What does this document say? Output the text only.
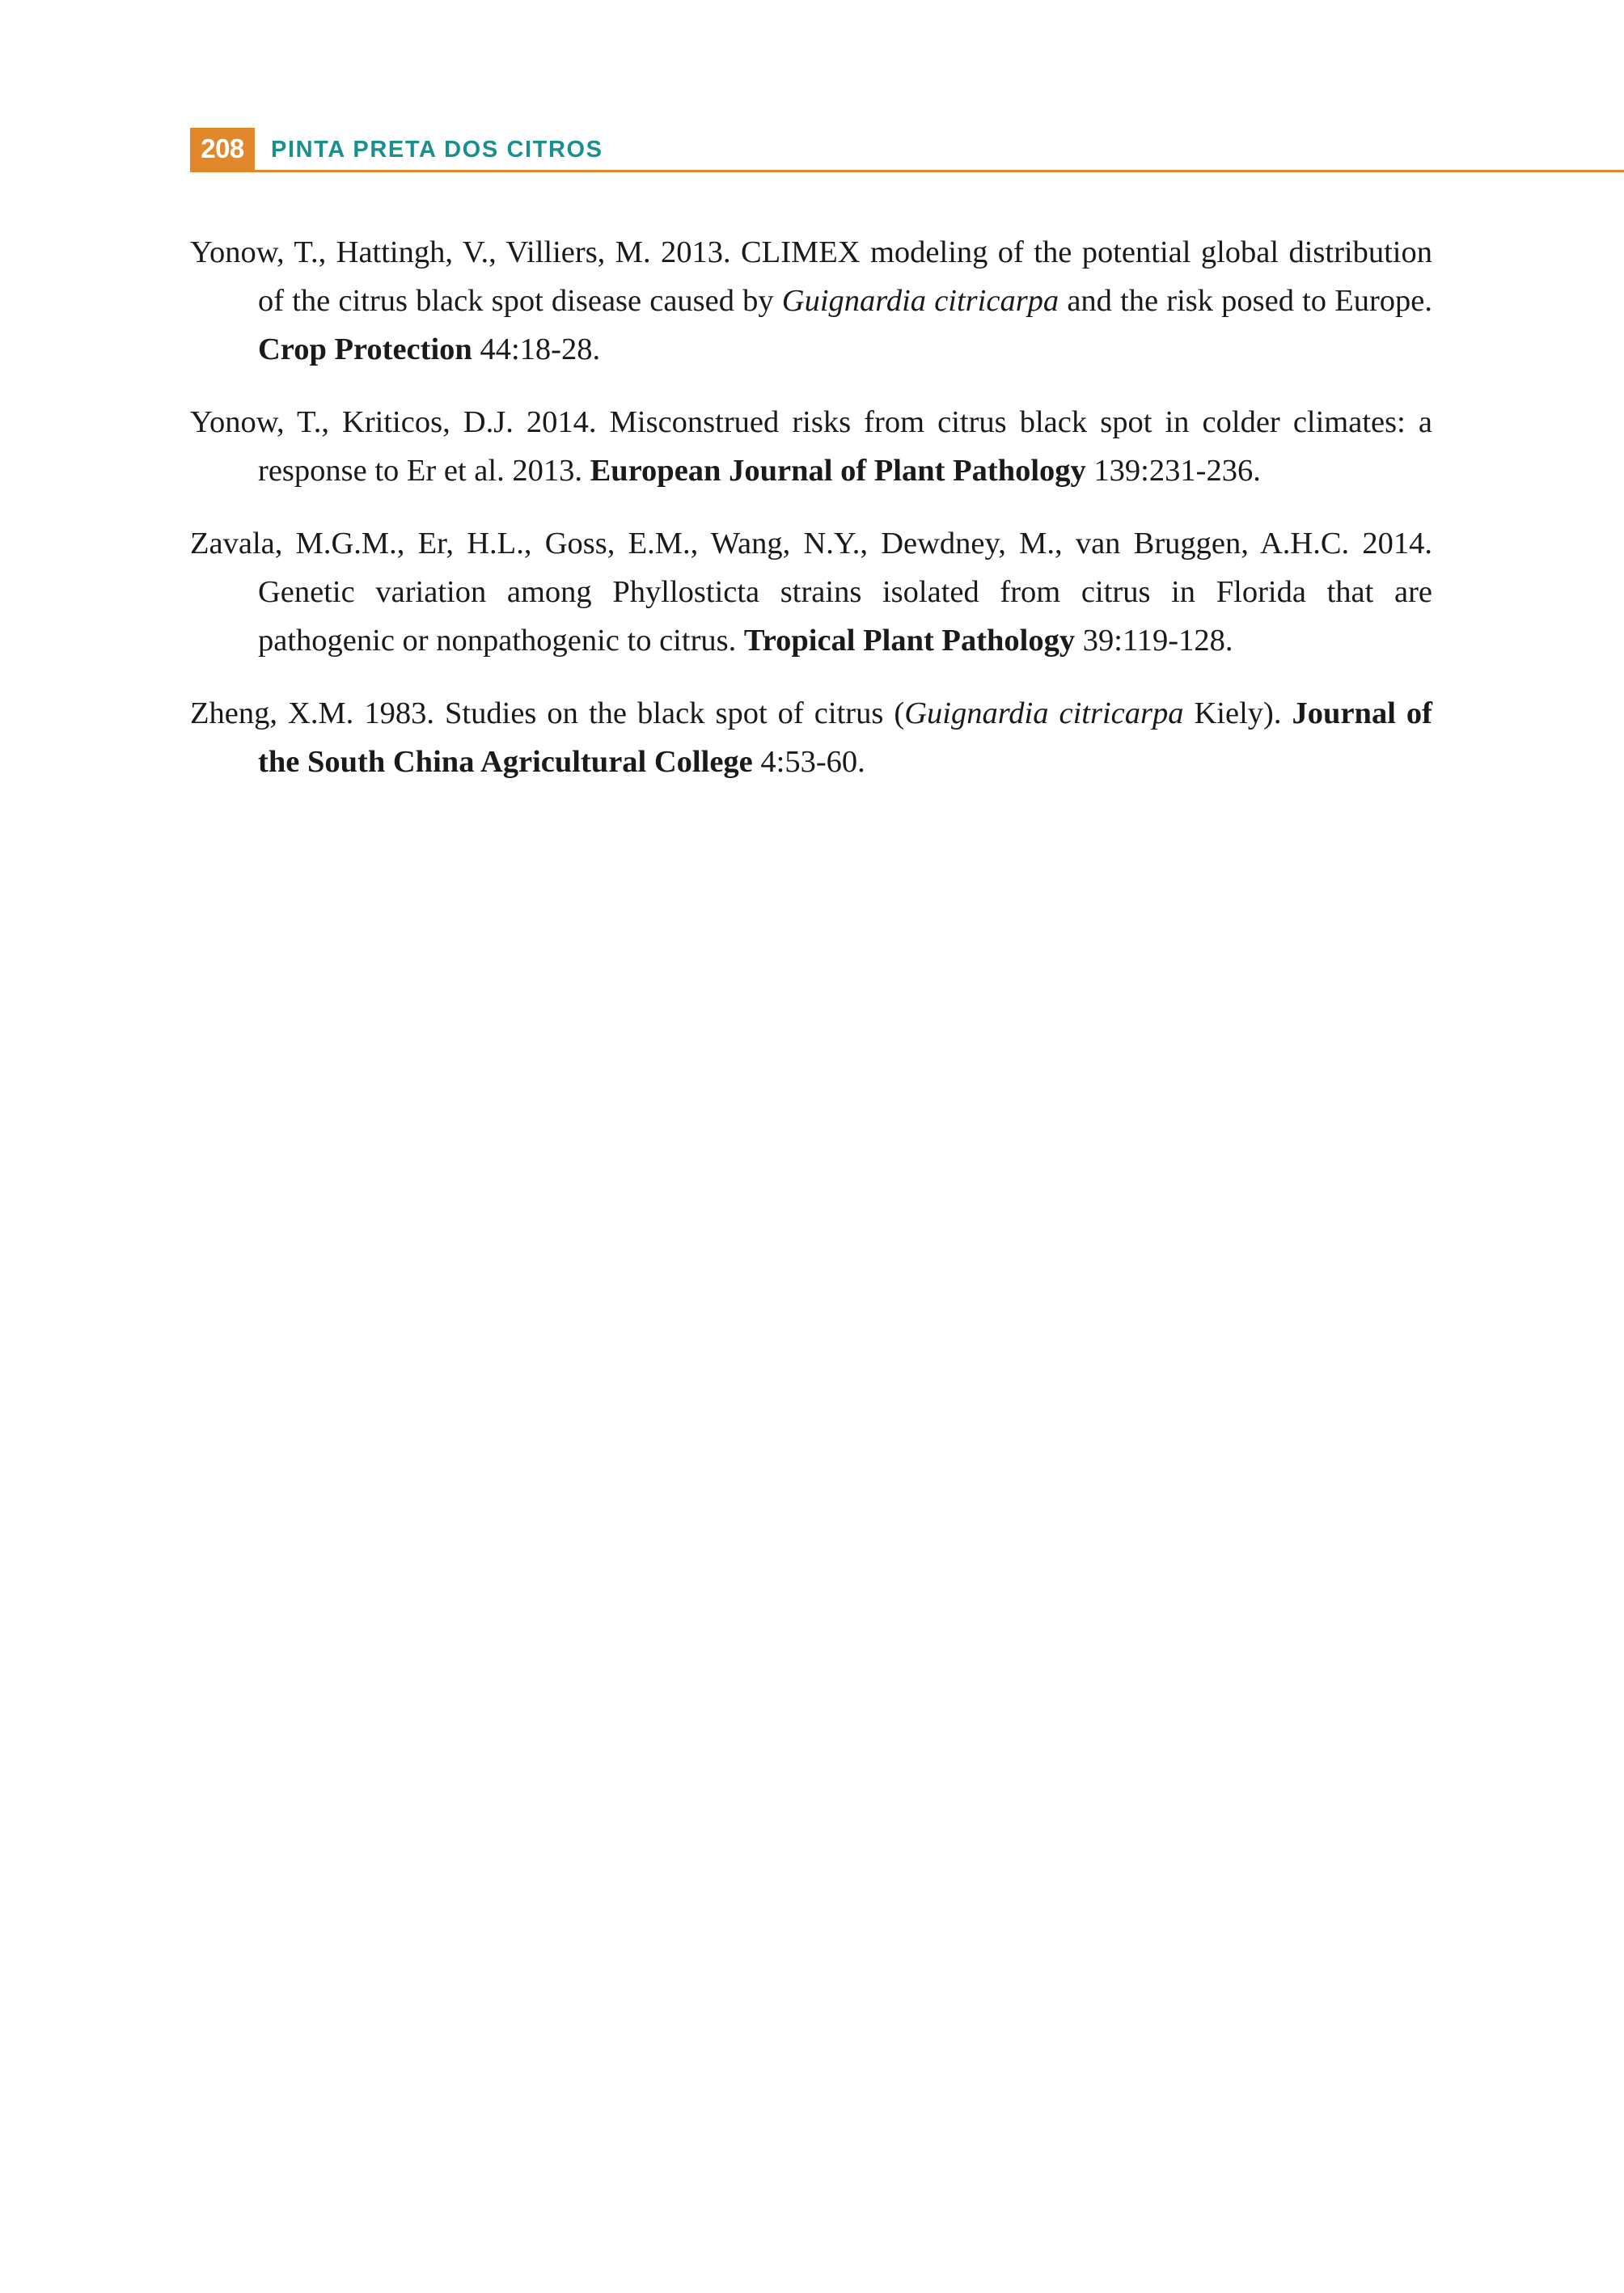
208	PINTA PRETA DOS CITROS
Yonow, T., Hattingh, V., Villiers, M. 2013. CLIMEX modeling of the potential global distribution of the citrus black spot disease caused by Guignardia citricarpa and the risk posed to Europe. Crop Protection 44:18-28.
Yonow, T., Kriticos, D.J. 2014. Misconstrued risks from citrus black spot in colder climates: a response to Er et al. 2013. European Journal of Plant Pathology 139:231-236.
Zavala, M.G.M., Er, H.L., Goss, E.M., Wang, N.Y., Dewdney, M., van Bruggen, A.H.C. 2014. Genetic variation among Phyllosticta strains isolated from citrus in Florida that are pathogenic or nonpathogenic to citrus. Tropical Plant Pathology 39:119-128.
Zheng, X.M. 1983. Studies on the black spot of citrus (Guignardia citricarpa Kiely). Journal of the South China Agricultural College 4:53-60.
